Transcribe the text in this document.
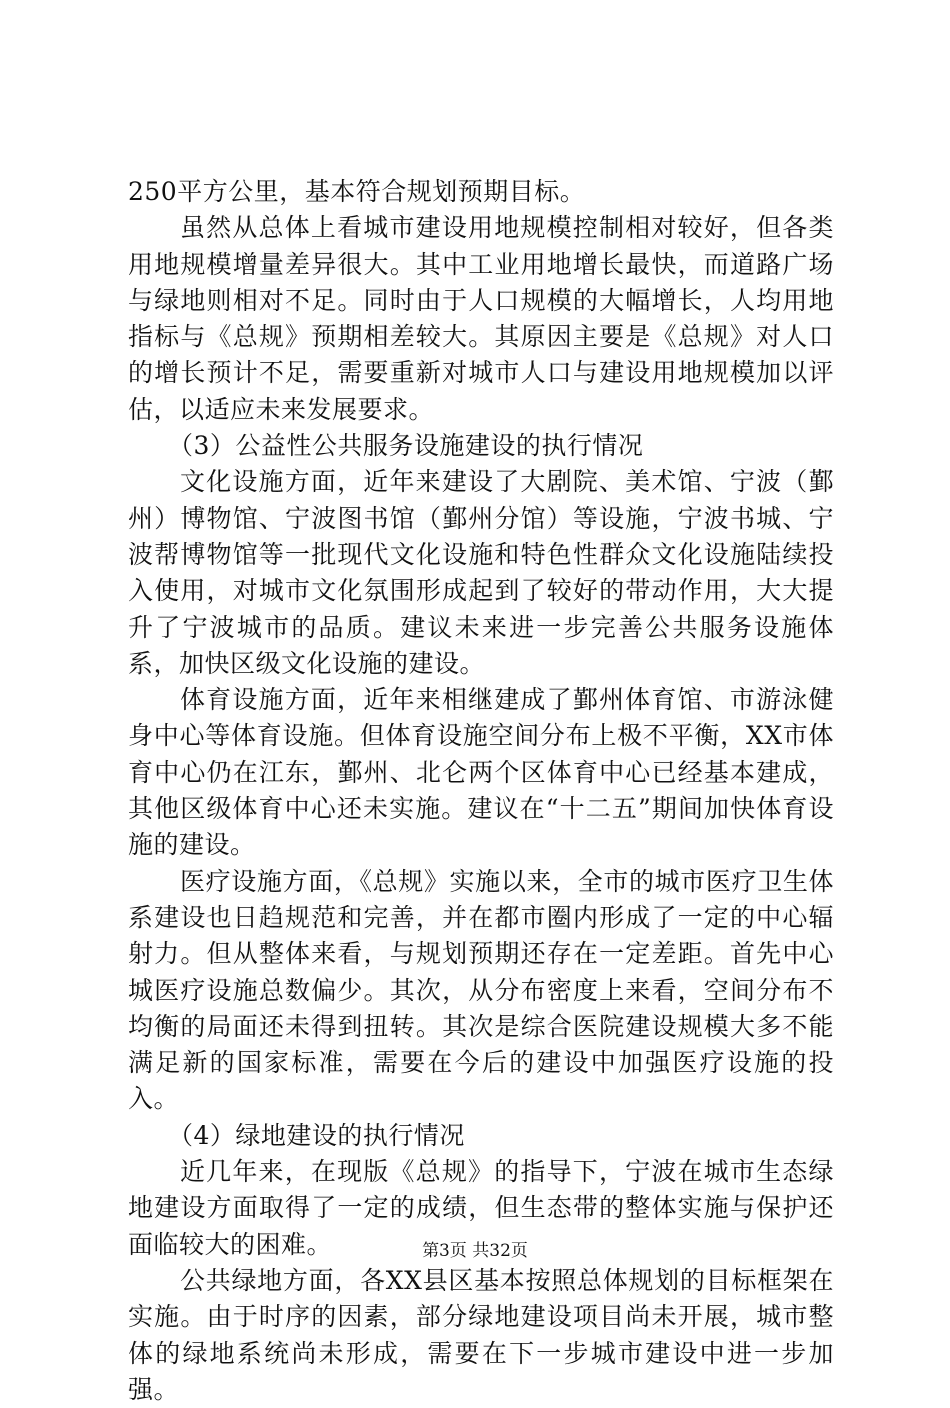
250平方公里，基本符合规划预期目标。

虽然从总体上看城市建设用地规模控制相对较好，但各类用地规模增量差异很大。其中工业用地增长最快，而道路广场与绿地则相对不足。同时由于人口规模的大幅增长，人均用地指标与《总规》预期相差较大。其原因主要是《总规》对人口的增长预计不足，需要重新对城市人口与建设用地规模加以评估，以适应未来发展要求。

（3）公益性公共服务设施建设的执行情况

文化设施方面，近年来建设了大剧院、美术馆、宁波（鄞州）博物馆、宁波图书馆（鄞州分馆）等设施，宁波书城、宁波帮博物馆等一批现代文化设施和特色性群众文化设施陆续投入使用，对城市文化氛围形成起到了较好的带动作用，大大提升了宁波城市的品质。建议未来进一步完善公共服务设施体系，加快区级文化设施的建设。

体育设施方面，近年来相继建成了鄞州体育馆、市游泳健身中心等体育设施。但体育设施空间分布上极不平衡，XX市体育中心仍在江东，鄞州、北仑两个区体育中心已经基本建成，其他区级体育中心还未实施。建议在“十二五”期间加快体育设施的建设。

医疗设施方面，《总规》实施以来，全市的城市医疗卫生体系建设也日趋规范和完善，并在都市圈内形成了一定的中心辐射力。但从整体来看，与规划预期还存在一定差距。首先中心城医疗设施总数偏少。其次，从分布密度上来看，空间分布不均衡的局面还未得到扭转。其次是综合医院建设规模大多不能满足新的国家标准，需要在今后的建设中加强医疗设施的投入。

（4）绿地建设的执行情况

近几年来，在现版《总规》的指导下，宁波在城市生态绿地建设方面取得了一定的成绩，但生态带的整体实施与保护还面临较大的困难。

公共绿地方面，各XX县区基本按照总体规划的目标框架在实施。由于时序的因素，部分绿地建设项目尚未开展，城市整体的绿地系统尚未形成，需要在下一步城市建设中进一步加强。

第3页 共32页
